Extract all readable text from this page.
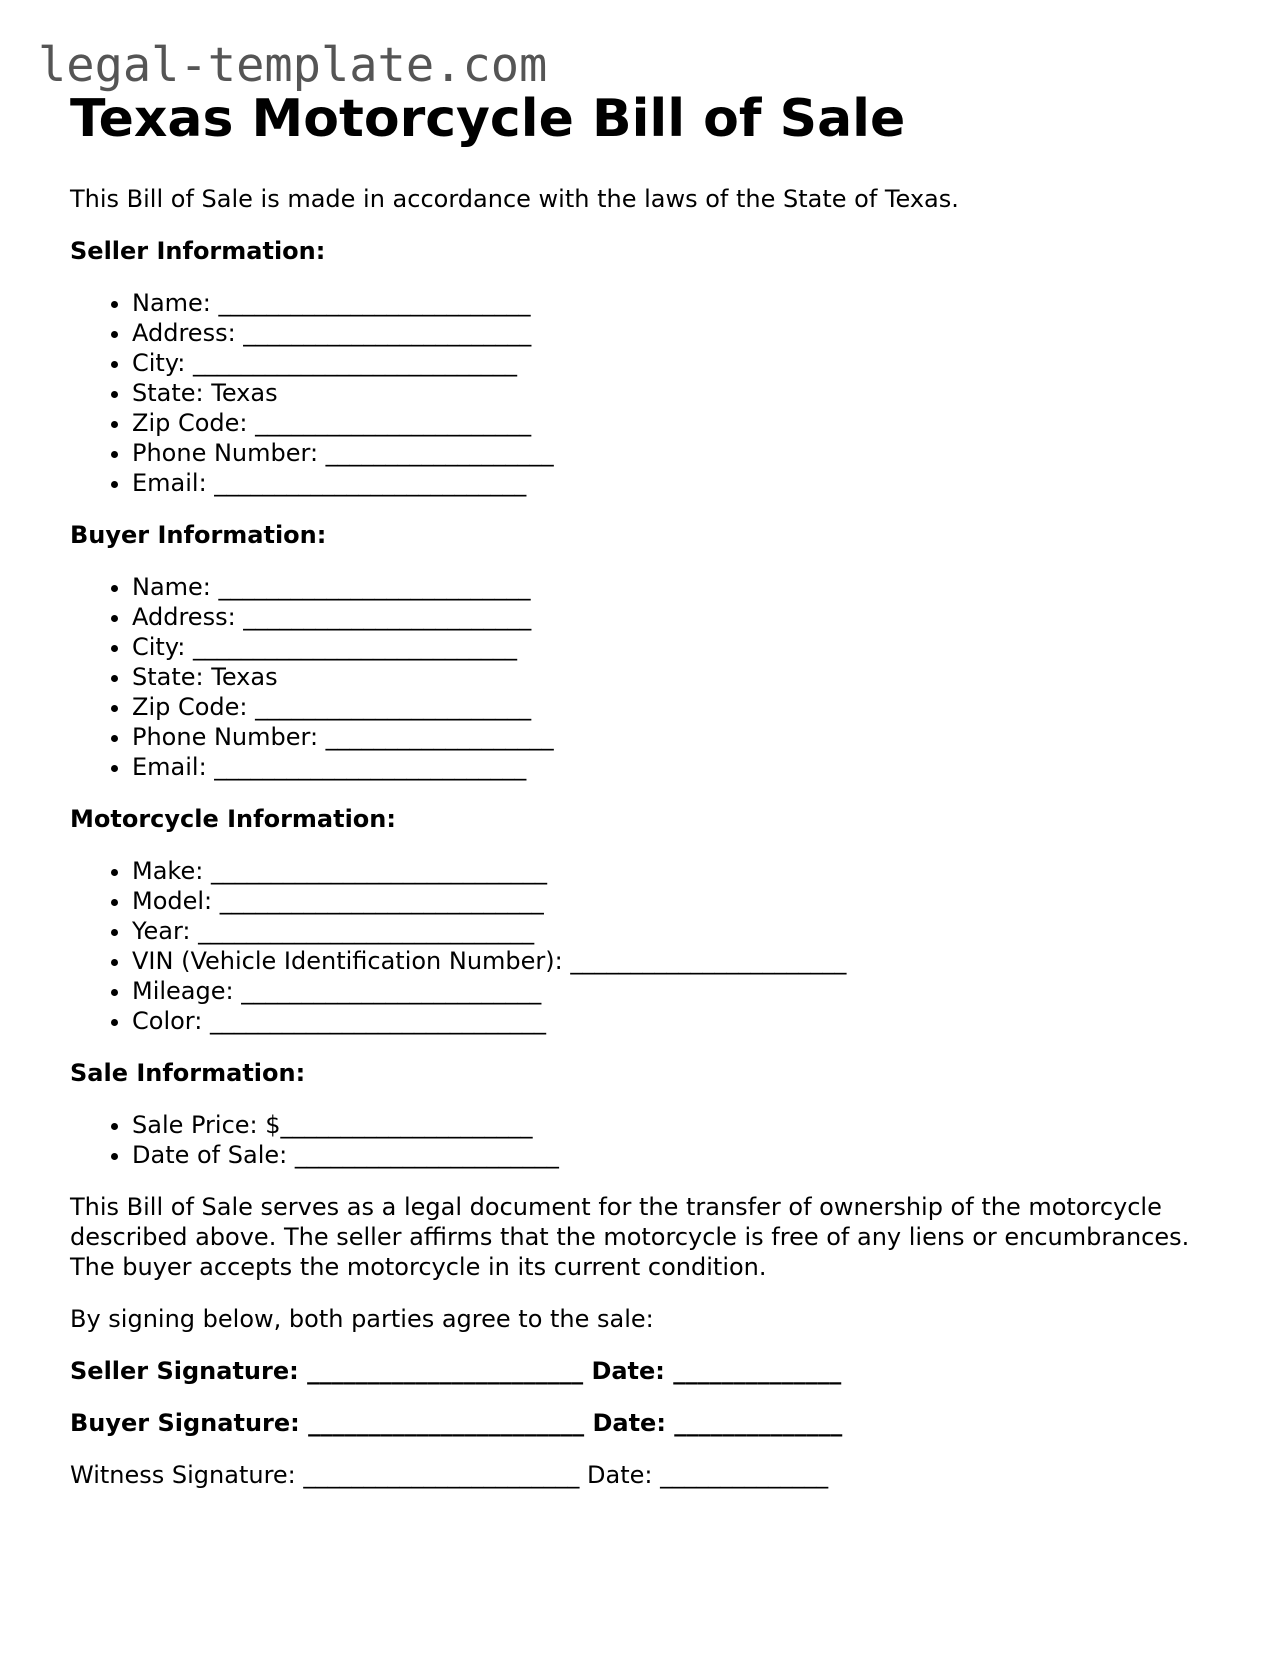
legal-template.com
Texas Motorcycle Bill of Sale

This Bill of Sale is made in accordance with the laws of the State of Texas.

Seller Information:
• Name: __________________________
• Address: ________________________
• City: ___________________________
• State: Texas
• Zip Code: _______________________
• Phone Number: ___________________
• Email: __________________________
Buyer Information:
• Name: __________________________
• Address: ________________________
• City: ___________________________
• State: Texas
• Zip Code: _______________________
• Phone Number: ___________________
• Email: __________________________
Motorcycle Information:
• Make: ____________________________
• Model: ___________________________
• Year: ____________________________
• VIN (Vehicle Identification Number): _______________________
• Mileage: _________________________
• Color: ____________________________
Sale Information:
• Sale Price: $_____________________
• Date of Sale: ______________________

This Bill of Sale serves as a legal document for the transfer of ownership of the motorcycle described above. The seller affirms that the motorcycle is free of any liens or encumbrances. The buyer accepts the motorcycle in its current condition.

By signing below, both parties agree to the sale:

Seller Signature: _______________________ Date: ______________

Buyer Signature: _______________________ Date: ______________

Witness Signature: _______________________ Date: ______________
